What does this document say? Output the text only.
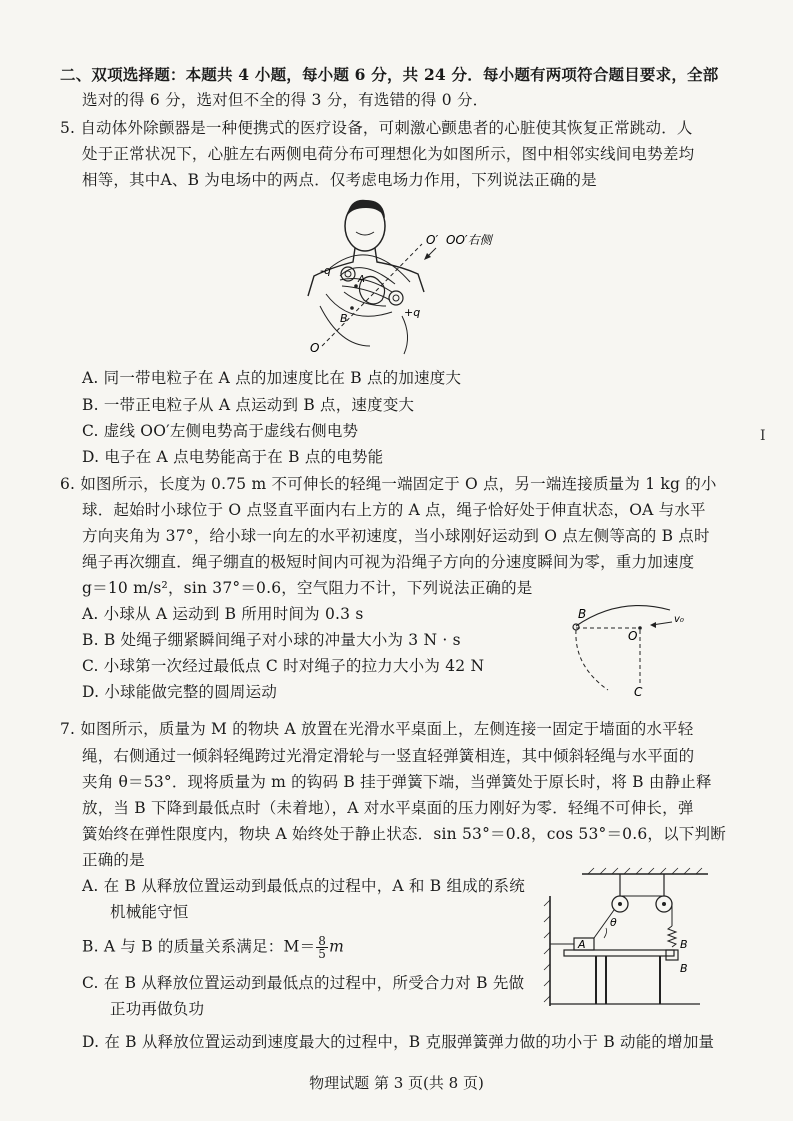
二、双项选择题：本题共 4 小题，每小题 6 分，共 24 分．每小题有两项符合题目要求，全部
选对的得 6 分，选对但不全的得 3 分，有选错的得 0 分．
5. 自动体外除颤器是一种便携式的医疗设备，可刺激心颤患者的心脏使其恢复正常跳动．人
处于正常状况下，心脏左右两侧电荷分布可理想化为如图所示，图中相邻实线间电势差均
相等，其中A、B 为电场中的两点．仅考虑电场力作用，下列说法正确的是
O′ OO′右侧
-q
+q
A
B
O
A. 同一带电粒子在 A 点的加速度比在 B 点的加速度大
B. 一带正电粒子从 A 点运动到 B 点，速度变大
C. 虚线 OO′左侧电势高于虚线右侧电势
D. 电子在 A 点电势能高于在 B 点的电势能
6. 如图所示，长度为 0.75 m 不可伸长的轻绳一端固定于 O 点，另一端连接质量为 1 kg 的小
球．起始时小球位于 O 点竖直平面内右上方的 A 点，绳子恰好处于伸直状态，OA 与水平
方向夹角为 37°，给小球一向左的水平初速度，当小球刚好运动到 O 点左侧等高的 B 点时
绳子再次绷直．绳子绷直的极短时间内可视为沿绳子方向的分速度瞬间为零，重力加速度
g＝10 m/s²，sin 37°＝0.6，空气阻力不计，下列说法正确的是
A. 小球从 A 运动到 B 所用时间为 0.3 s
B. B 处绳子绷紧瞬间绳子对小球的冲量大小为 3 N · s
C. 小球第一次经过最低点 C 时对绳子的拉力大小为 42 N
D. 小球能做完整的圆周运动
B
O
v₀
C
7. 如图所示，质量为 M 的物块 A 放置在光滑水平桌面上，左侧连接一固定于墙面的水平轻
绳，右侧通过一倾斜轻绳跨过光滑定滑轮与一竖直轻弹簧相连，其中倾斜轻绳与水平面的
夹角 θ＝53°．现将质量为 m 的钩码 B 挂于弹簧下端，当弹簧处于原长时，将 B 由静止释
放，当 B 下降到最低点时（未着地），A 对水平桌面的压力刚好为零．轻绳不可伸长，弹
簧始终在弹性限度内，物块 A 始终处于静止状态．sin 53°＝0.8，cos 53°＝0.6，以下判断
正确的是
A. 在 B 从释放位置运动到最低点的过程中，A 和 B 组成的系统
机械能守恒
B. A 与 B 的质量关系满足：$M= \frac{8}{5}$ m
C. 在 B 从释放位置运动到最低点的过程中，所受合力对 B 先做
正功再做负功
D. 在 B 从释放位置运动到速度最大的过程中，B 克服弹簧弹力做的功小于 B 动能的增加量
A
θ
B
B
I
物理试题 第 3 页(共 8 页)
